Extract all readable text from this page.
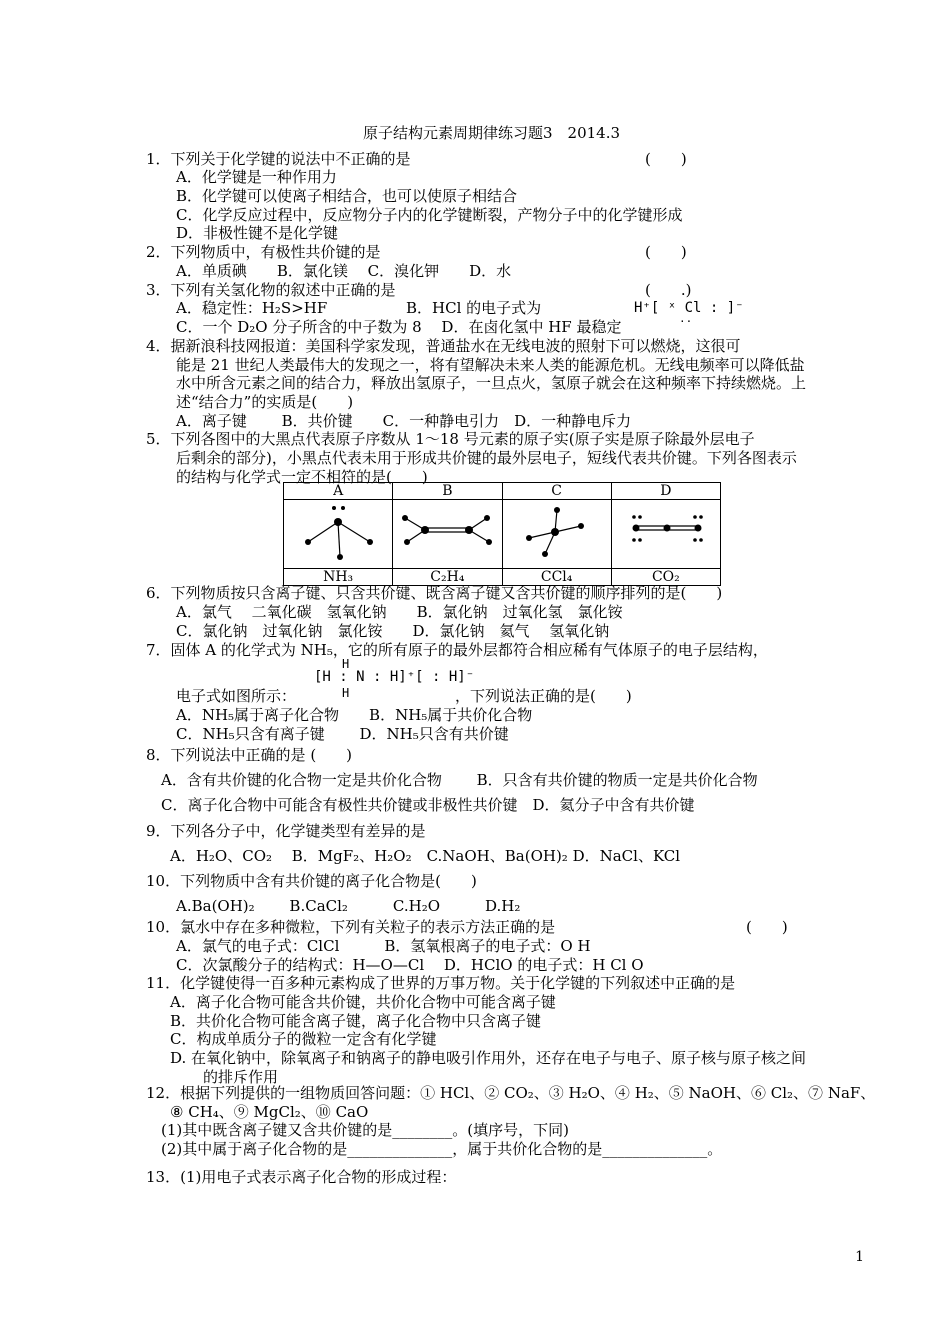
原子结构元素周期律练习题3　2014.3
1．下列关于化学键的说法中不正确的是	(　　)
A．化学键是一种作用力
B．化学键可以使离子相结合，也可以使原子相结合
C．化学反应过程中，反应物分子内的化学键断裂，产物分子中的化学键形成
D．非极性键不是化学键
2．下列物质中，有极性共价键的是	(　　)
A．单质碘　　B．氯化镁　 C．溴化钾　　D．水
3．下列有关氢化物的叙述中正确的是	(　　.)
A．稳定性：H₂S>HF	B．HCl 的电子式为
C．一个 D₂O 分子所含的中子数为 8　 D．在卤化氢中 HF 最稳定
4．据新浪科技网报道：美国科学家发现，普通盐水在无线电波的照射下可以燃烧，这很可
能是 21 世纪人类最伟大的发现之一，将有望解决未来人类的能源危机。无线电频率可以降低盐
水中所含元素之间的结合力，释放出氢原子，一旦点火，氢原子就会在这种频率下持续燃烧。上
述“结合力”的实质是(　　)
A．离子键　　 B．共价键　　C．一种静电引力　D．一种静电斥力
5．下列各图中的大黑点代表原子序数从 1～18 号元素的原子实(原子实是原子除最外层电子
后剩余的部分)，小黑点代表未用于形成共价键的最外层电子，短线代表共价键。下列各图表示
的结构与化学式一定不相符的是(　　)
6．下列物质按只含离子键、只含共价键、既含离子键又含共价键的顺序排列的是(　　)
A．氯气　 二氧化碳　氢氧化钠　　B．氯化钠　过氧化氢　氯化铵
C．氯化钠　过氧化钠　氯化铵　　D．氯化钠　氦气　 氢氧化钠
7．固体 A 的化学式为 NH₅，它的所有原子的最外层都符合相应稀有气体原子的电子层结构，
电子式如图所示：	，下列说法正确的是(　　)
A．NH₅属于离子化合物　　B．NH₅属于共价化合物
C．NH₅只含有离子键　　 D．NH₅只含有共价键
8．下列说法中正确的是 (　　)
A．含有共价键的化合物一定是共价化合物　　 B．只含有共价键的物质一定是共价化合物
C．离子化合物中可能含有极性共价键或非极性共价键　D．氦分子中含有共价键
9．下列各分子中，化学键类型有差异的是
A．H₂O、CO₂　 B．MgF₂、H₂O₂　C.NaOH、Ba(OH)₂ D．NaCl、KCl
10．下列物质中含有共价键的离子化合物是(　　)
A.Ba(OH)₂　　 B.CaCl₂　　　C.H₂O　　　D.H₂
10．氯水中存在多种微粒，下列有关粒子的表示方法正确的是	(　　)
A．氯气的电子式：ClCl　　　B．氢氧根离子的电子式：O H
C．次氯酸分子的结构式：H—O—Cl　 D．HClO 的电子式：H Cl O
11．化学键使得一百多种元素构成了世界的万事万物。关于化学键的下列叙述中正确的是
A．离子化合物可能含共价键，共价化合物中可能含离子键
B．共价化合物可能含离子键，离子化合物中只含离子键
C．构成单质分子的微粒一定含有化学键
D. 在氧化钠中，除氧离子和钠离子的静电吸引作用外，还存在电子与电子、原子核与原子核之间
的排斥作用
12．根据下列提供的一组物质回答问题：① HCl、② CO₂、③ H₂O、④ H₂、⑤ NaOH、⑥ Cl₂、⑦ NaF、
⑧ CH₄、⑨ MgCl₂、⑩ CaO
(1)其中既含离子键又含共价键的是________。(填序号，下同)
(2)其中属于离子化合物的是______________，属于共价化合物的是______________。
13．(1)用电子式表示离子化合物的形成过程：
H⁺[ ˣ Cl : ]⁻
··
H
[H : N : H]⁺[ : H]⁻
H
A	B	C	D

NH₃	C₂H₄	CCl₄	CO₂
1
